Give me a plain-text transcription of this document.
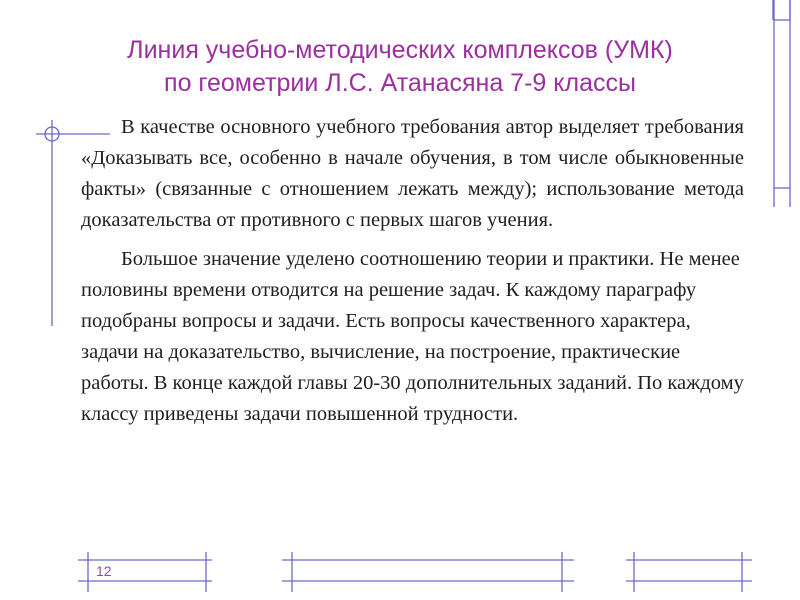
Линия учебно-методических комплексов (УМК)
по геометрии Л.С. Атанасяна 7-9 классы

В качестве основного учебного требования автор выделяет требования «Доказывать все, особенно в начале обучения, в том числе обыкновенные факты» (связанные с отношением лежать между); использование метода доказательства от противного с первых шагов учения.

Большое значение уделено соотношению теории и практики. Не менее половины времени отводится на решение задач. К каждому параграфу подобраны вопросы и задачи. Есть вопросы качественного характера, задачи на доказательство, вычисление, на построение, практические работы. В конце каждой главы 20-30 дополнительных заданий. По каждому классу приведены задачи повышенной трудности.

12
